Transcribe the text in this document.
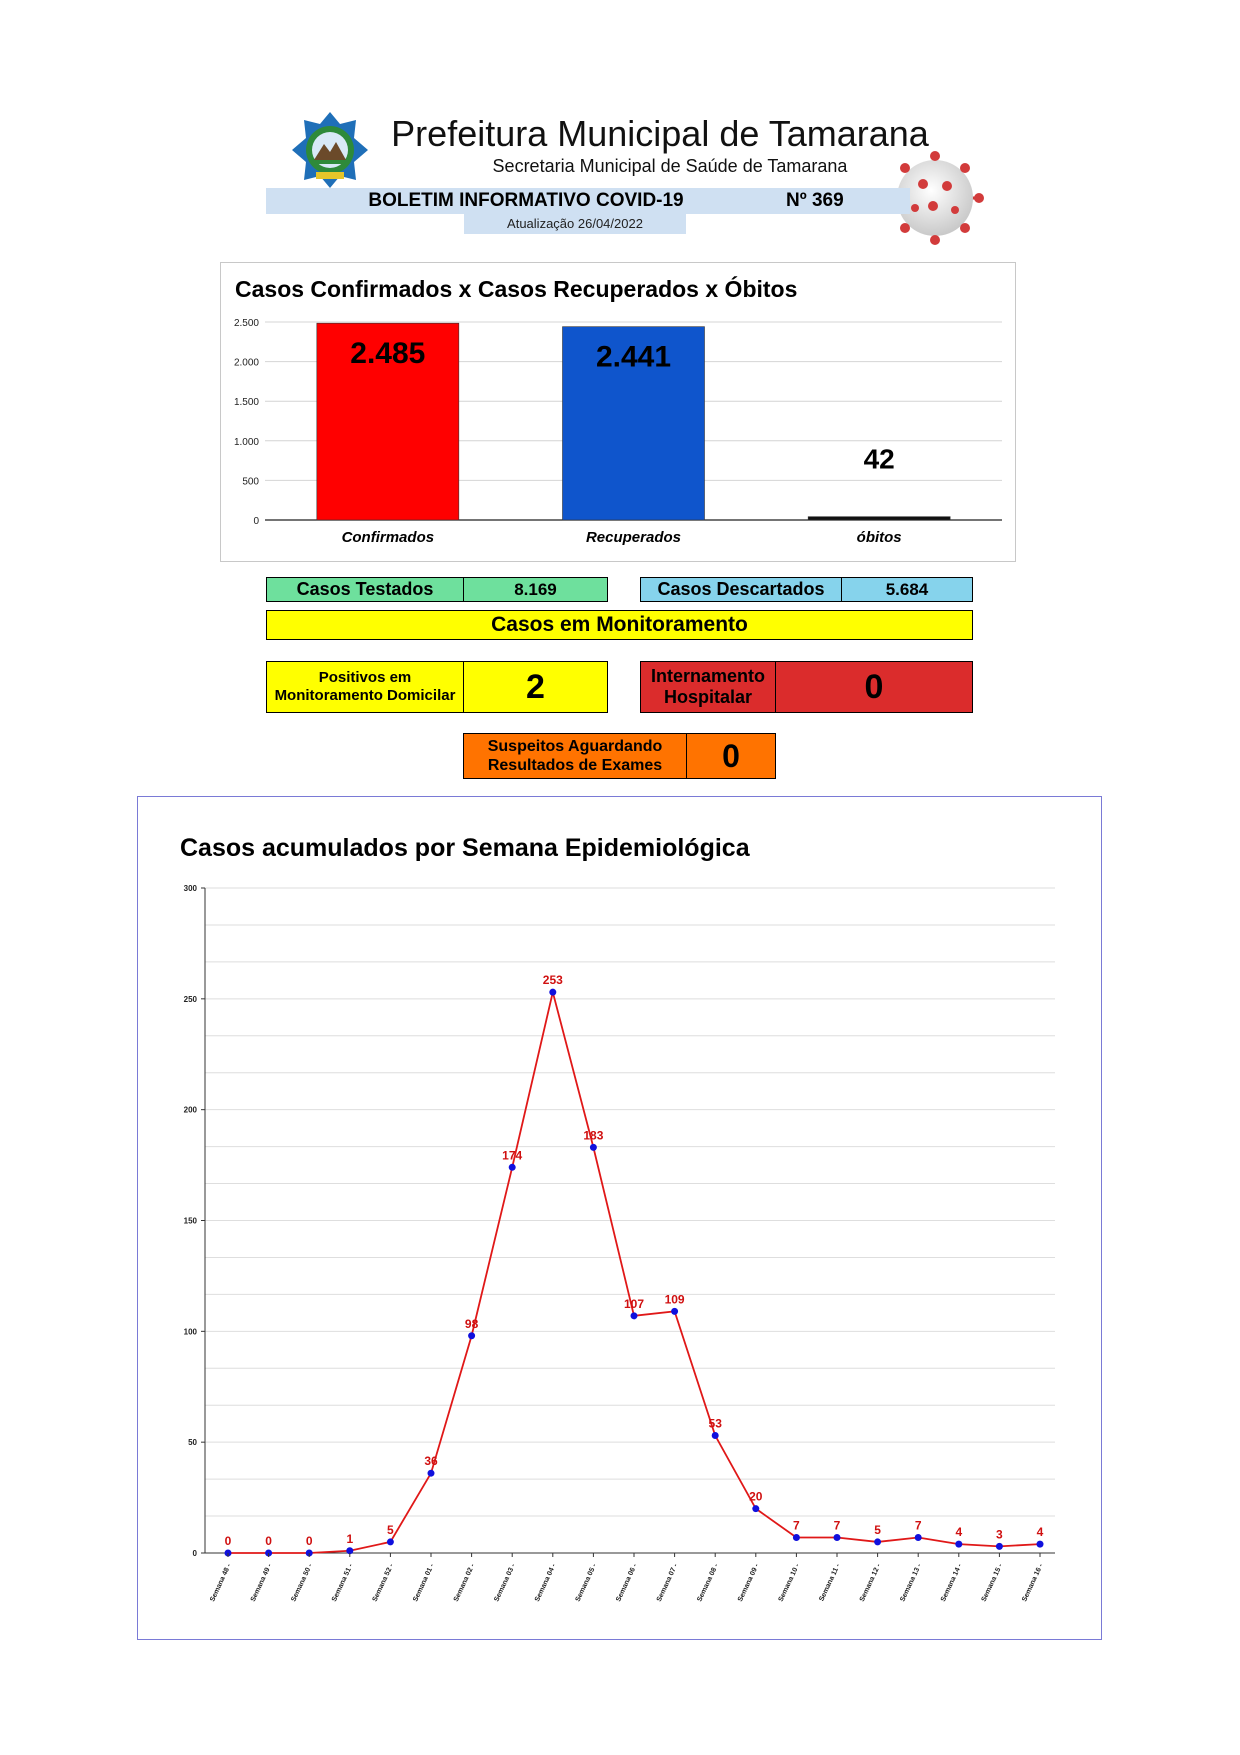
Prefeitura Municipal de Tamarana
Secretaria Municipal de Saúde de Tamarana
BOLETIM INFORMATIVO COVID-19	Nº 369
Atualização 26/04/2022
Casos Confirmados x Casos Recuperados x Óbitos
2.500
2.000
1.500
1.000
500
0
2.485
Confirmados
2.441
Recuperados
42
óbitos
Casos Testados	8.169	Casos Descartados	5.684
Casos em Monitoramento
Positivos em Monitoramento Domicilar	2	Internamento Hospitalar	0
Suspeitos Aguardando Resultados de Exames	0
Casos acumulados por Semana Epidemiológica
300
250
200
150
100
50
0
0
Semana 48 -
0
Semana 49 -
0
Semana 50 -
1
Semana 51 -
5
Semana 52 -
36
Semana 01 -
98
Semana 02 -
174
Semana 03 -
253
Semana 04 -
183
Semana 05 -
107
Semana 06 -
109
Semana 07 -
53
Semana 08 -
20
Semana 09 -
7
Semana 10 -
7
Semana 11 -
5
Semana 12 -
7
Semana 13 -
4
Semana 14 -
3
Semana 15 -
4
Semana 16 -
